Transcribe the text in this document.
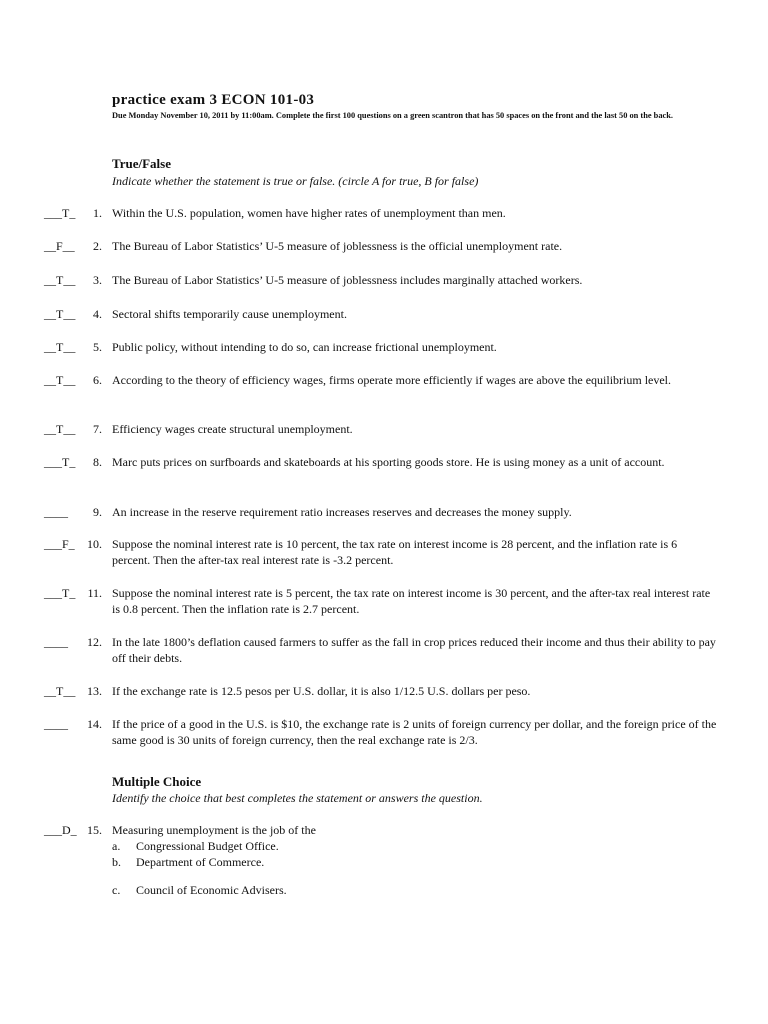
practice exam 3 ECON 101-03
Due Monday November 10, 2011 by 11:00am. Complete the first 100 questions on a green scantron that has 50 spaces on the front and the last 50 on the back.
True/False
Indicate whether the statement is true or false. (circle A for true, B for false)
___T_	1. Within the U.S. population, women have higher rates of unemployment than men.
__F__	2. The Bureau of Labor Statistics’ U-5 measure of joblessness is the official unemployment rate.
__T__	3. The Bureau of Labor Statistics’ U-5 measure of joblessness includes marginally attached workers.
__T__	4. Sectoral shifts temporarily cause unemployment.
__T__	5. Public policy, without intending to do so, can increase frictional unemployment.
__T__	6. According to the theory of efficiency wages, firms operate more efficiently if wages are above the equilibrium level.
__T__	7. Efficiency wages create structural unemployment.
___T_	8. Marc puts prices on surfboards and skateboards at his sporting goods store. He is using money as a unit of account.
____	9. An increase in the reserve requirement ratio increases reserves and decreases the money supply.
___F_	10. Suppose the nominal interest rate is 10 percent, the tax rate on interest income is 28 percent, and the inflation rate is 6 percent. Then the after-tax real interest rate is -3.2 percent.
___T_	11. Suppose the nominal interest rate is 5 percent, the tax rate on interest income is 30 percent, and the after-tax real interest rate is 0.8 percent. Then the inflation rate is 2.7 percent.
____	12. In the late 1800’s deflation caused farmers to suffer as the fall in crop prices reduced their income and thus their ability to pay off their debts.
__T__ 13. If the exchange rate is 12.5 pesos per U.S. dollar, it is also 1/12.5 U.S. dollars per peso.
____	14. If the price of a good in the U.S. is $10, the exchange rate is 2 units of foreign currency per dollar, and the foreign price of the same good is 30 units of foreign currency, then the real exchange rate is 2/3.
Multiple Choice
Identify the choice that best completes the statement or answers the question.
___D_ 15. Measuring unemployment is the job of the
a. Congressional Budget Office.
b. Department of Commerce.
c. Council of Economic Advisers.
